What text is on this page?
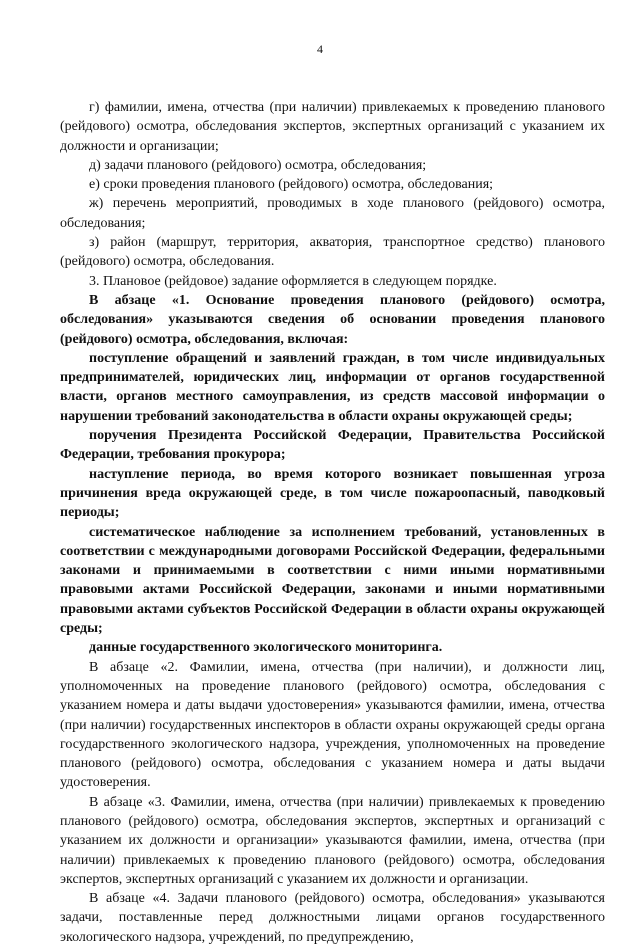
4

г) фамилии, имена, отчества (при наличии) привлекаемых к проведению планового (рейдового) осмотра, обследования экспертов, экспертных организаций с указанием их должности и организации;

д) задачи планового (рейдового) осмотра, обследования;

е) сроки проведения планового (рейдового) осмотра, обследования;

ж) перечень мероприятий, проводимых в ходе планового (рейдового) осмотра, обследования;

з) район (маршрут, территория, акватория, транспортное средство) планового (рейдового) осмотра, обследования.

3. Плановое (рейдовое) задание оформляется в следующем порядке.

В абзаце «1. Основание проведения планового (рейдового) осмотра, обследования» указываются сведения об основании проведения планового (рейдового) осмотра, обследования, включая:

поступление обращений и заявлений граждан, в том числе индивидуальных предпринимателей, юридических лиц, информации от органов государственной власти, органов местного самоуправления, из средств массовой информации о нарушении требований законодательства в области охраны окружающей среды;

поручения Президента Российской Федерации, Правительства Российской Федерации, требования прокурора;

наступление периода, во время которого возникает повышенная угроза причинения вреда окружающей среде, в том числе пожароопасный, паводковый периоды;

систематическое наблюдение за исполнением требований, установленных в соответствии с международными договорами Российской Федерации, федеральными законами и принимаемыми в соответствии с ними иными нормативными правовыми актами Российской Федерации, законами и иными нормативными правовыми актами субъектов Российской Федерации в области охраны окружающей среды;

данные государственного экологического мониторинга.

В абзаце «2. Фамилии, имена, отчества (при наличии), и должности лиц, уполномоченных на проведение планового (рейдового) осмотра, обследования с указанием номера и даты выдачи удостоверения» указываются фамилии, имена, отчества (при наличии) государственных инспекторов в области охраны окружающей среды органа государственного экологического надзора, учреждения, уполномоченных на проведение планового (рейдового) осмотра, обследования с указанием номера и даты выдачи удостоверения.

В абзаце «3. Фамилии, имена, отчества (при наличии) привлекаемых к проведению планового (рейдового) осмотра, обследования экспертов, экспертных и организаций с указанием их должности и организации» указываются фамилии, имена, отчества (при наличии) привлекаемых к проведению планового (рейдового) осмотра, обследования экспертов, экспертных организаций с указанием их должности и организации.

В абзаце «4. Задачи планового (рейдового) осмотра, обследования» указываются задачи, поставленные перед должностными лицами органов государственного экологического надзора, учреждений, по предупреждению,
